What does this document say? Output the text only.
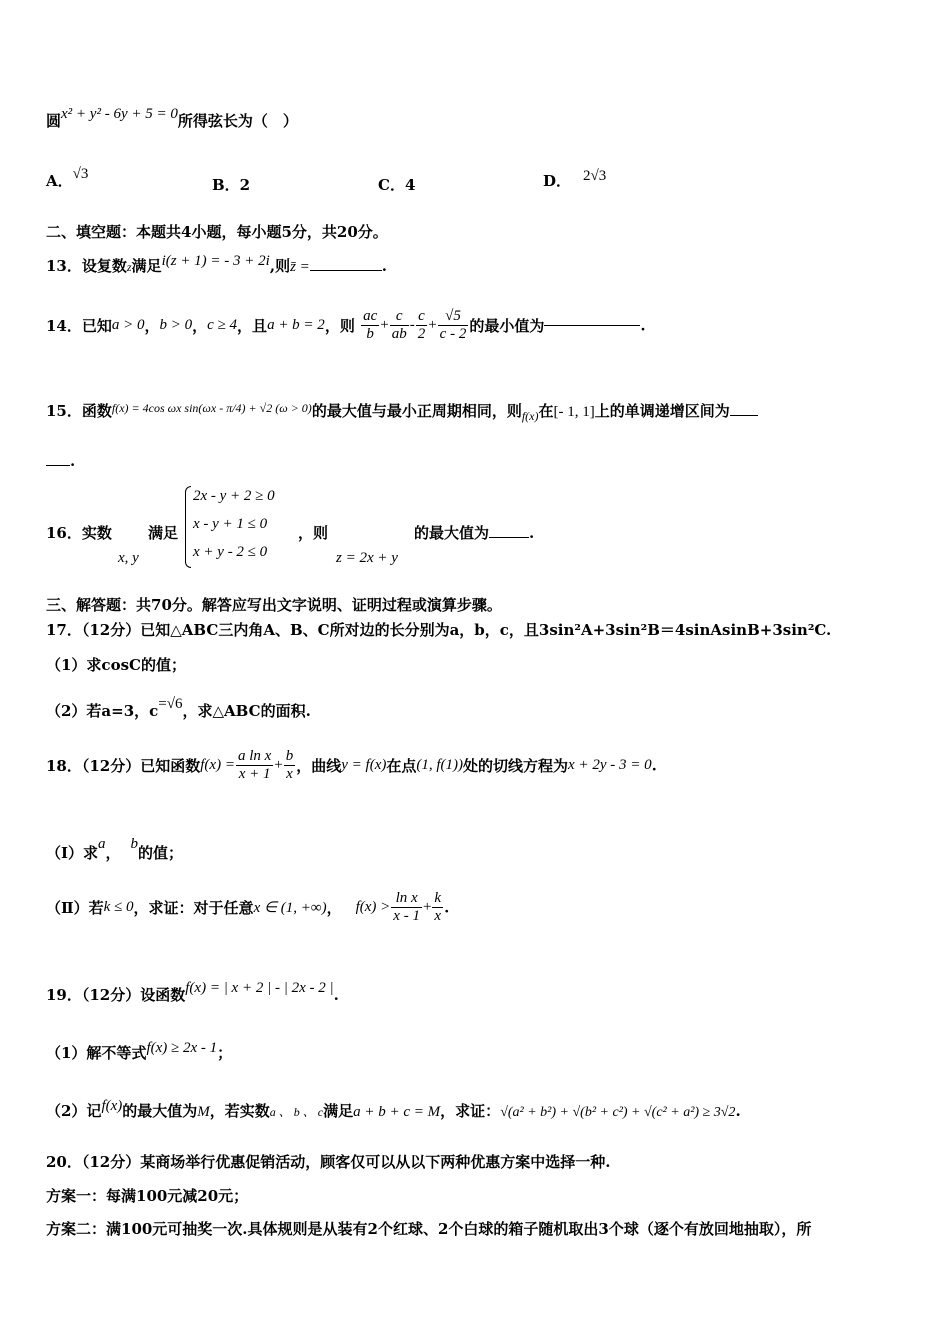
圆x² + y² - 6y + 5 = 0所得弦长为（　）
A．√3
B．2	C．4	D． 2√3
二、填空题：本题共4小题，每小题5分，共20分。
13．设复数z满足i(z + 1) = - 3 + 2i,则z̄ =	.
14．已知a > 0，b > 0，c ≥ 4，且a + b = 2，则 $\frac{ac}{b} + \frac{c}{ab} - \frac{c}{2} + \frac{√5}{c - 2}$ 的最小值为	.
15．函数$^{f(x) = 4cos \omega x sin(\omega x - \pi/4) + √2 (\omega > 0)}$的最大值与最小正周期相同，则$_{f(x)}$在[- 1, 1]上的单调递增区间为
.
16．实数
x, y
满足
2x - y + 2 ≥ 0
x - y + 1 ≤ 0
x + y - 2 ≤ 0
，则
z = 2x + y
的最大值为	.
三、解答题：共70分。解答应写出文字说明、证明过程或演算步骤。
17．（12分）已知△ABC三内角A、B、C所对边的长分别为a，b，c，且3sin²A+3sin²B＝4sinAsinB+3sin²C.
（1）求cosC的值；
（2）若a=3，c=√6，求△ABC的面积.
18．（12分）已知函数$f(x) = \frac{\text{a ln x}}{x + 1} + \frac{b}{x}$ ，曲线y = f(x)在点(1, f(1))处的切线方程为x + 2y - 3 = 0.
（Ⅰ）求a， b的值；
（Ⅱ）若k ≤ 0，求证：对于任意x ∈ (1, +∞)， $f(x) > \frac{\text{ln x}}{x - 1} + \frac{k}{x}$ .
19．（12分）设函数f(x) = | x + 2 | - | 2x - 2 |.
（1）解不等式f(x) ≥ 2x - 1；
（2）记f(x)的最大值为M，若实数a 、 b 、 c满足a + b + c = M，求证：√(a² + b²) + √(b² + c²) + √(c² + a²) ≥ 3√2.
20．（12分）某商场举行优惠促销活动，顾客仅可以从以下两种优惠方案中选择一种.
方案一：每满100元减20元；
方案二：满100元可抽奖一次.具体规则是从装有2个红球、2个白球的箱子随机取出3个球（逐个有放回地抽取），所
